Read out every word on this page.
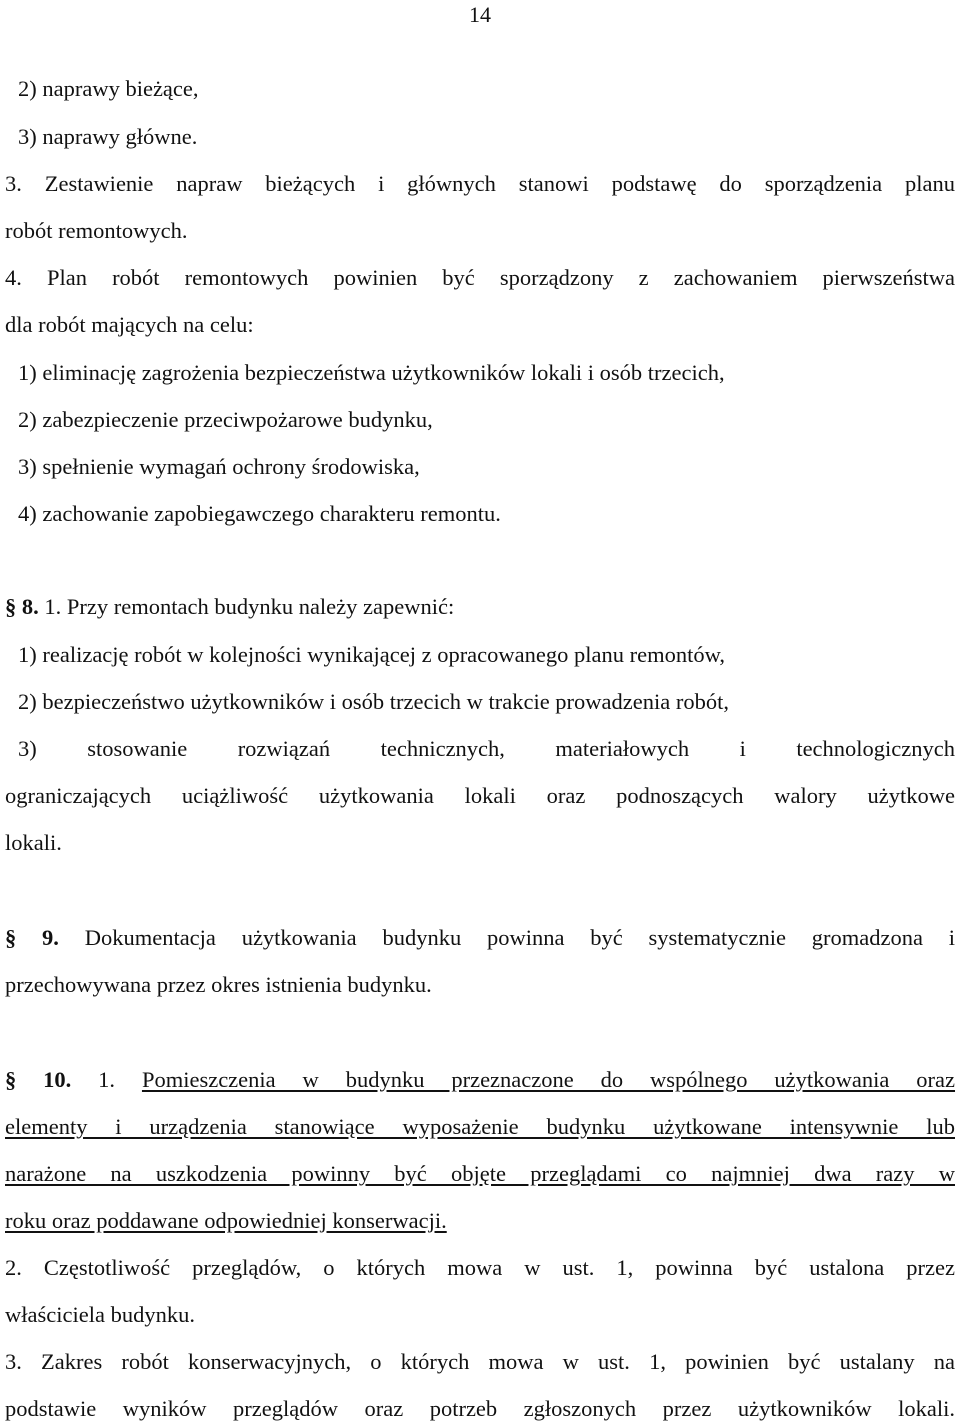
14
2) naprawy bieżące,
3) naprawy główne.
3. Zestawienie napraw bieżących i głównych stanowi podstawę do sporządzenia planu
robót remontowych.
4. Plan robót remontowych powinien być sporządzony z zachowaniem pierwszeństwa
dla robót mających na celu:
1) eliminację zagrożenia bezpieczeństwa użytkowników lokali i osób trzecich,
2) zabezpieczenie przeciwpożarowe budynku,
3) spełnienie wymagań ochrony środowiska,
4) zachowanie zapobiegawczego charakteru remontu.
§ 8. 1. Przy remontach budynku należy zapewnić:
1) realizację robót w kolejności wynikającej z opracowanego planu remontów,
2) bezpieczeństwo użytkowników i osób trzecich w trakcie prowadzenia robót,
3) stosowanie rozwiązań technicznych, materiałowych i technologicznych
ograniczających uciążliwość użytkowania lokali oraz podnoszących walory użytkowe
lokali.
§ 9. Dokumentacja użytkowania budynku powinna być systematycznie gromadzona i
przechowywana przez okres istnienia budynku.
§ 10. 1. Pomieszczenia w budynku przeznaczone do wspólnego użytkowania oraz
elementy i urządzenia stanowiące wyposażenie budynku użytkowane intensywnie lub
narażone na uszkodzenia powinny być objęte przeglądami co najmniej dwa razy w
roku oraz poddawane odpowiedniej konserwacji.
2. Częstotliwość przeglądów, o których mowa w ust. 1, powinna być ustalona przez
właściciela budynku.
3. Zakres robót konserwacyjnych, o których mowa w ust. 1, powinien być ustalany na
podstawie wyników przeglądów oraz potrzeb zgłoszonych przez użytkowników lokali.
